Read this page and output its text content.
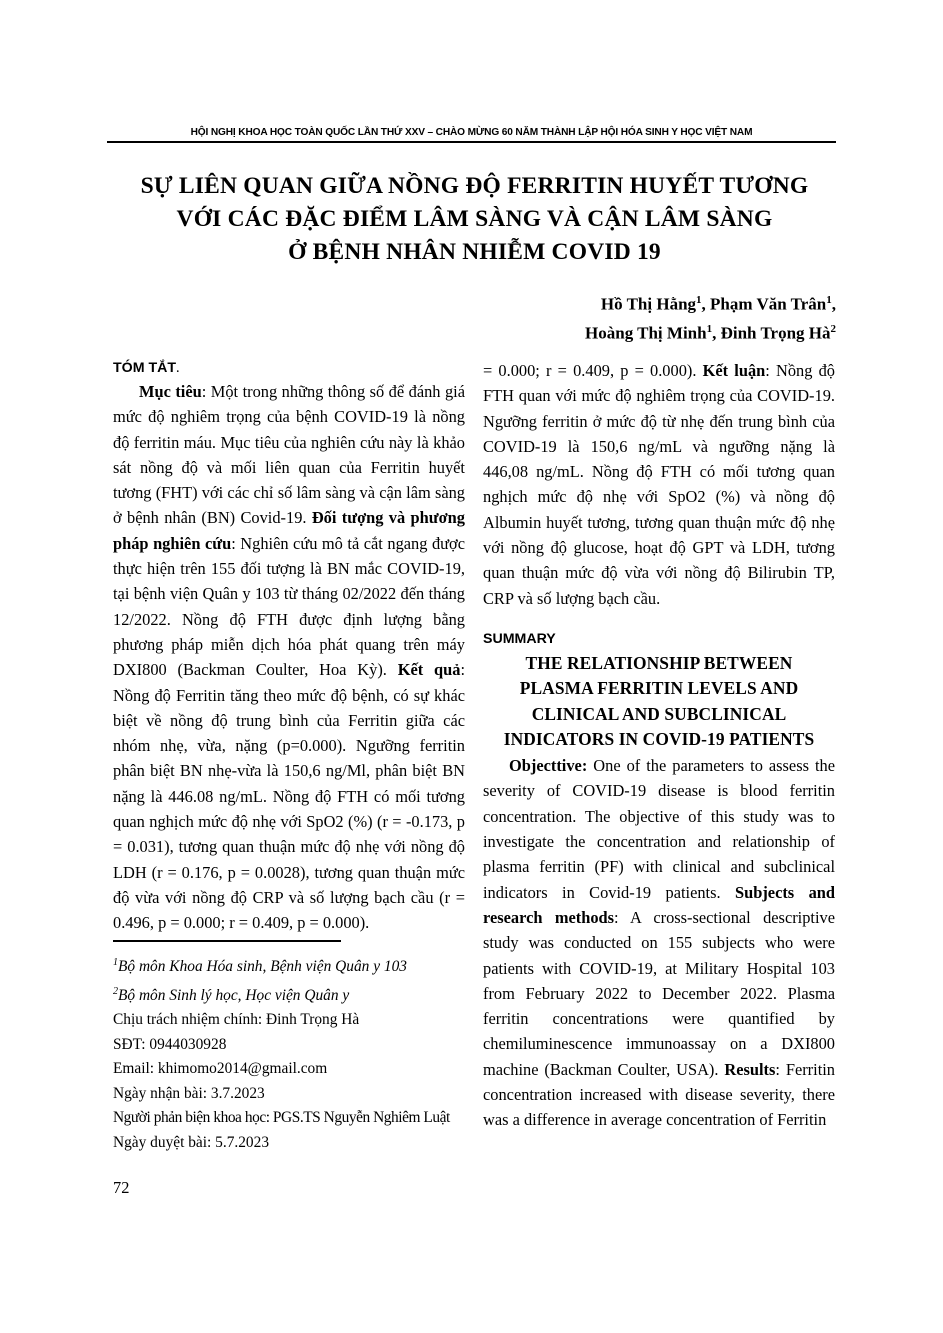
HỘI NGHỊ KHOA HỌC TOÀN QUỐC LẦN THỨ XXV – CHÀO MỪNG 60 NĂM THÀNH LẬP HỘI HÓA SINH Y HỌC VIỆT NAM
SỰ LIÊN QUAN GIỮA NỒNG ĐỘ FERRITIN HUYẾT TƯƠNG
VỚI CÁC ĐẶC ĐIỂM LÂM SÀNG VÀ CẬN LÂM SÀNG
Ở BỆNH NHÂN NHIỄM COVID 19
Hồ Thị Hằng$^1$, Phạm Văn Trân$^1$,
Hoàng Thị Minh$^1$, Đinh Trọng $Hà^2$
TÓM TẮT.

Mục tiêu: Một trong những thông số để đánh giá mức độ nghiêm trọng của bệnh COVID-19 là nồng độ ferritin máu. Mục tiêu của nghiên cứu này là khảo sát nồng độ và mối liên quan của Ferritin huyết tương (FHT) với các chỉ số lâm sàng và cận lâm sàng ở bệnh nhân (BN) Covid-19. Đối tượng và phương pháp nghiên cứu: Nghiên cứu mô tả cắt ngang được thực hiện trên 155 đối tượng là BN mắc COVID-19, tại bệnh viện Quân y 103 từ tháng 02/2022 đến tháng 12/2022. Nồng độ FTH được định lượng bằng phương pháp miễn dịch hóa phát quang trên máy DXI800 (Backman Coulter, Hoa Kỳ). Kết quả: Nồng độ Ferritin tăng theo mức độ bệnh, có sự khác biệt về nồng độ trung bình của Ferritin giữa các nhóm nhẹ, vừa, nặng (p=0.000). Ngưỡng ferritin phân biệt BN nhẹ-vừa là 150,6 ng/Ml, phân biệt BN nặng là 446.08 ng/mL. Nồng độ FTH có mối tương quan nghịch mức độ nhẹ với SpO2 (%) (r = -0.173, p = 0.031), tương quan thuận mức độ nhẹ với nồng độ LDH (r = 0.176, p = 0.0028), tương quan thuận mức độ vừa với nồng độ CRP và số lượng bạch cầu (r = 0.496, p = 0.000; r = 0.409, p = 0.000).

= 0.000; r = 0.409, p = 0.000). Kết luận: Nồng độ FTH quan với mức độ nghiêm trọng của COVID-19. Ngưỡng ferritin ở mức độ từ nhẹ đến trung bình của COVID-19 là 150,6 ng/mL và ngưỡng nặng là 446,08 ng/mL. Nồng độ FTH có mối tương quan nghịch mức độ nhẹ với SpO2 (%) và nồng độ Albumin huyết tương, tương quan thuận mức độ nhẹ với nồng độ glucose, hoạt độ GPT và LDH, tương quan thuận mức độ vừa với nồng độ Bilirubin TP, CRP và số lượng bạch cầu.

SUMMARY
THE RELATIONSHIP BETWEEN
PLASMA FERRITIN LEVELS AND
CLINICAL AND SUBCLINICAL
INDICATORS IN COVID-19 PATIENTS

Objecttive: One of the parameters to assess the severity of COVID-19 disease is blood ferritin concentration. The objective of this study was to investigate the concentration and relationship of plasma ferritin (PF) with clinical and subclinical indicators in Covid-19 patients. Subjects and research methods: A cross-sectional descriptive study was conducted on 155 subjects who were patients with COVID-19, at Military Hospital 103 from February 2022 to December 2022. Plasma ferritin concentrations were quantified by chemiluminescence immunoassay on a DXI800 machine (Backman Coulter, USA). Results: Ferritin concentration increased with disease severity, there was a difference in average concentration of Ferritin

$^1$Bộ môn Khoa Hóa sinh, Bệnh viện Quân y 103
$^2$Bộ môn Sinh lý học, Học viện Quân y
Chịu trách nhiệm chính: Đinh Trọng Hà
SĐT: 0944030928
Email: khimomo2014@gmail.com
Ngày nhận bài: 3.7.2023
Người phản biện khoa học: PGS.TS Nguyễn Nghiêm Luật
Ngày duyệt bài: 5.7.2023
72
